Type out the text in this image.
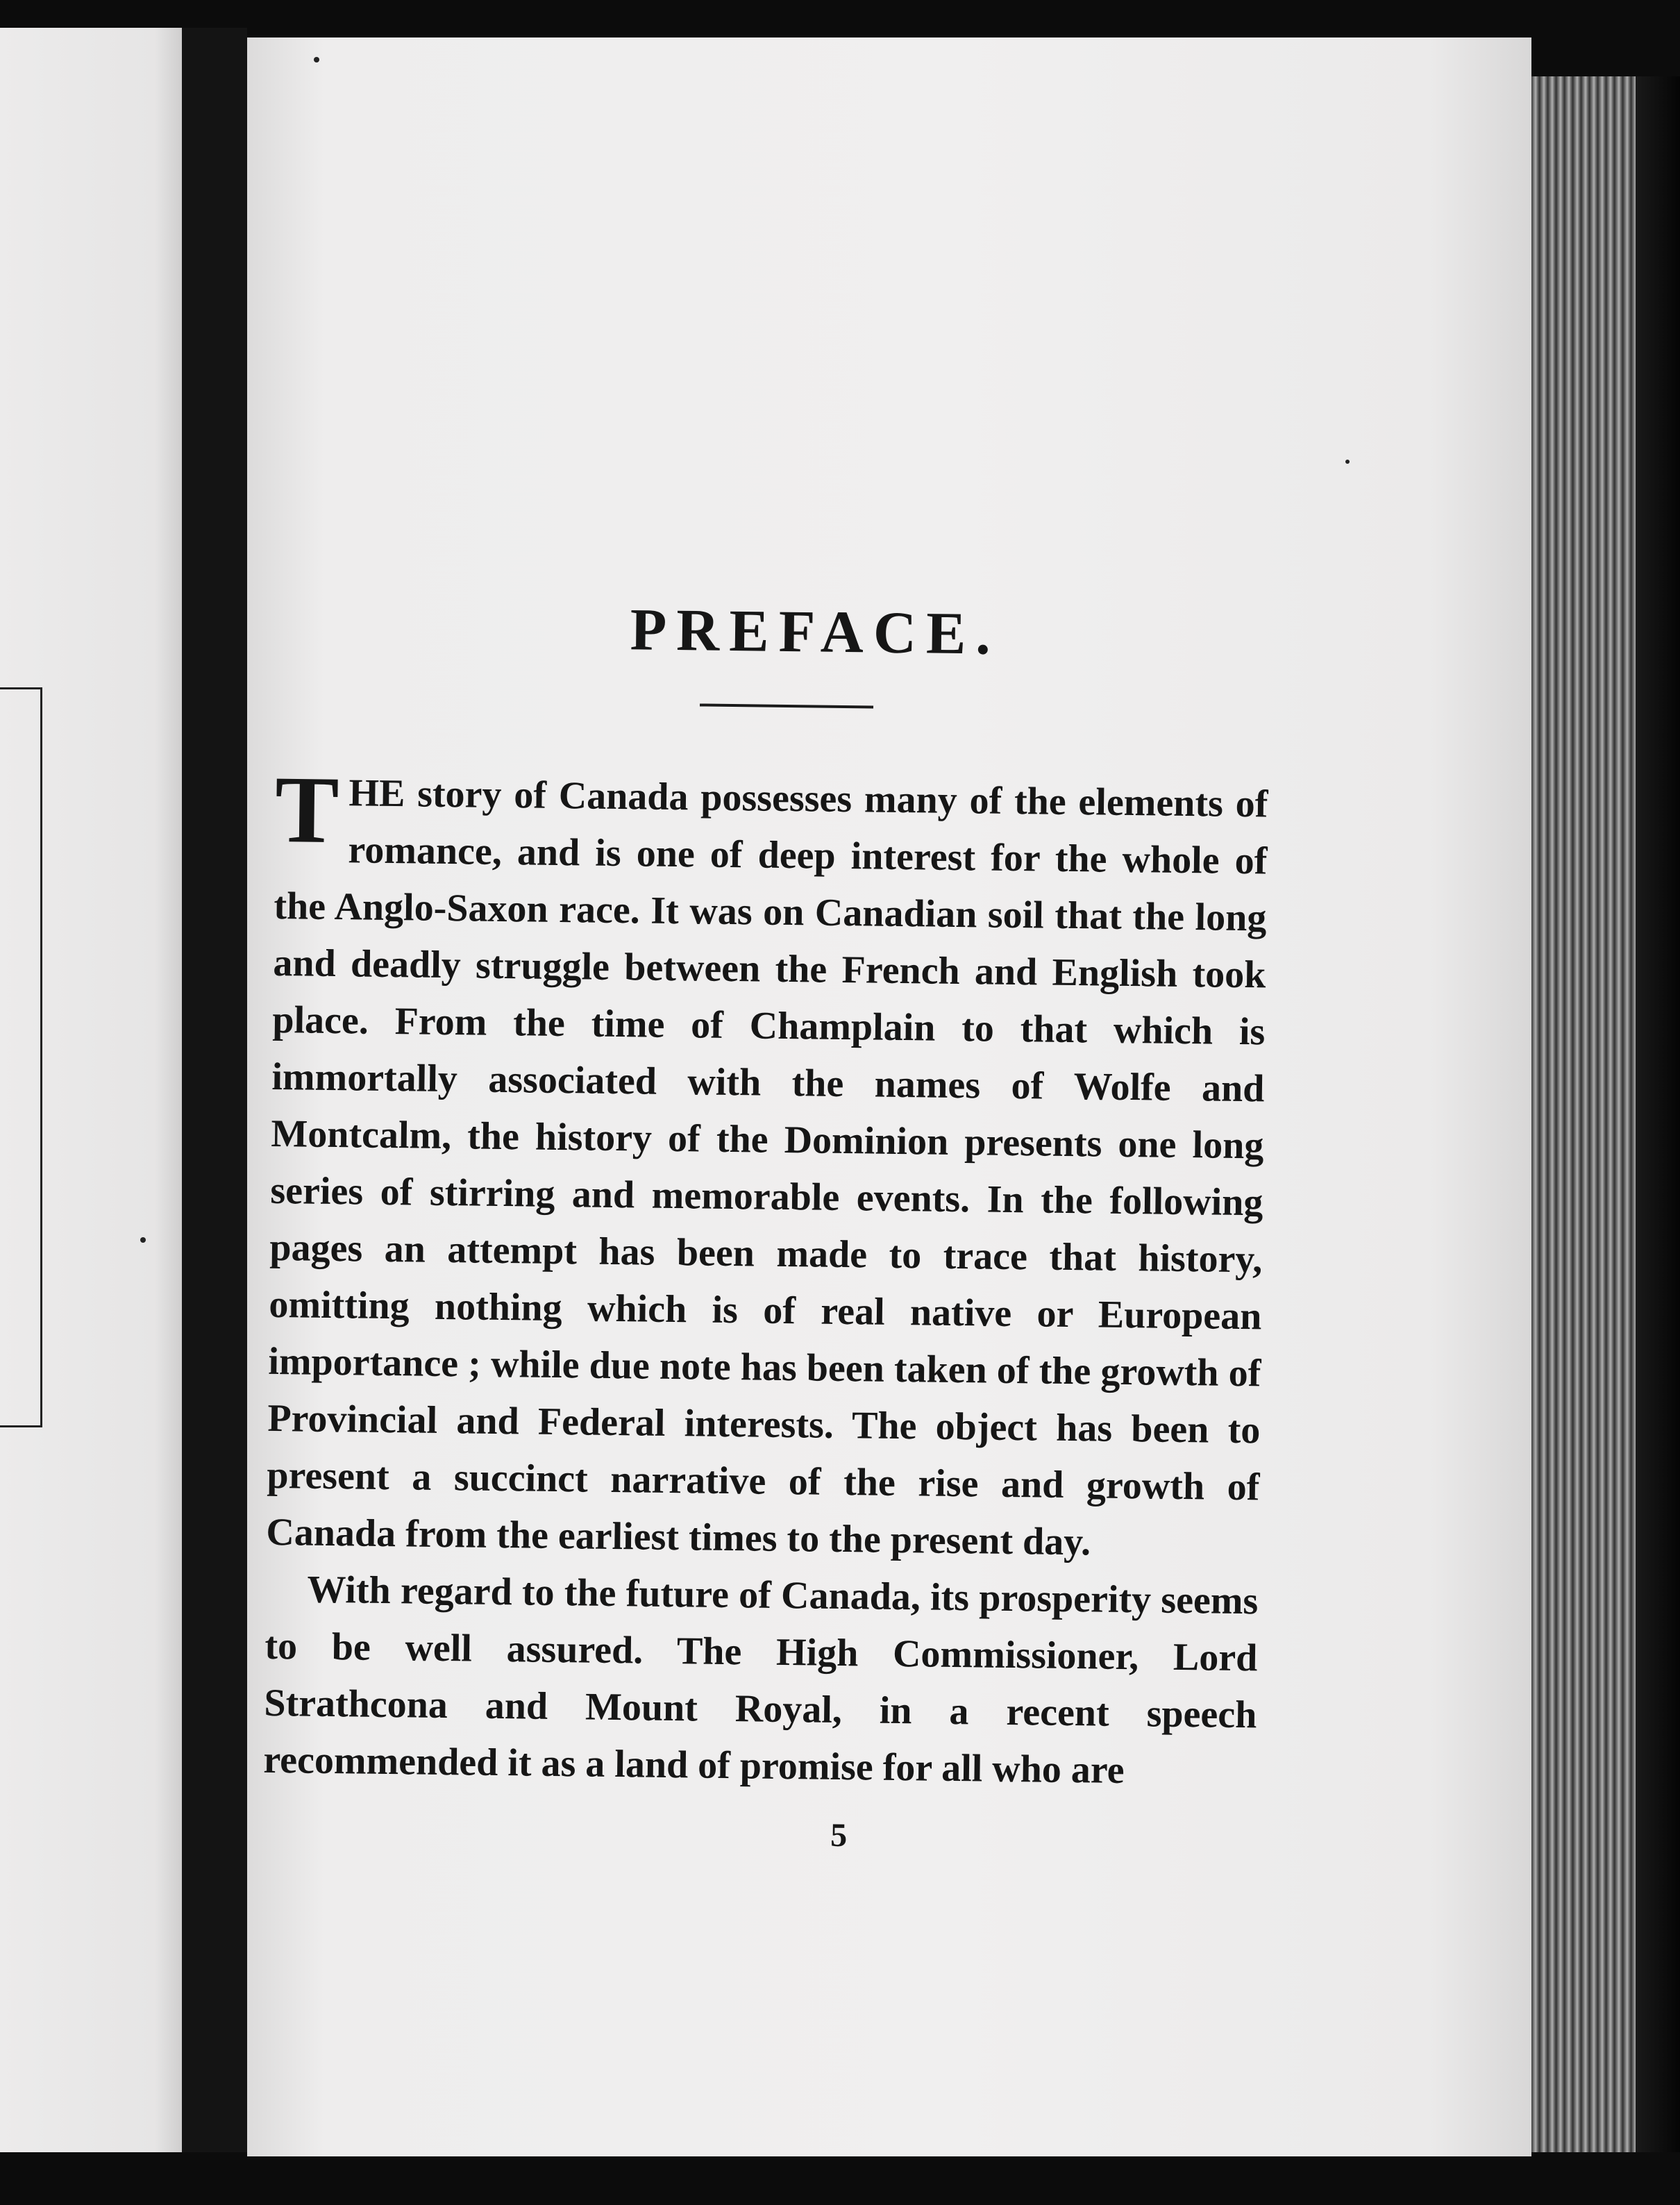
PREFACE.

THE story of Canada possesses many of the elements of romance, and is one of deep interest for the whole of the Anglo-Saxon race. It was on Canadian soil that the long and deadly struggle between the French and English took place. From the time of Champlain to that which is immortally associated with the names of Wolfe and Montcalm, the history of the Dominion presents one long series of stirring and memorable events. In the following pages an attempt has been made to trace that history, omitting nothing which is of real native or European importance ; while due note has been taken of the growth of Provincial and Federal interests. The object has been to present a succinct narrative of the rise and growth of Canada from the earliest times to the present day.

With regard to the future of Canada, its prosperity seems to be well assured. The High Commissioner, Lord Strathcona and Mount Royal, in a recent speech recommended it as a land of promise for all who are

5
